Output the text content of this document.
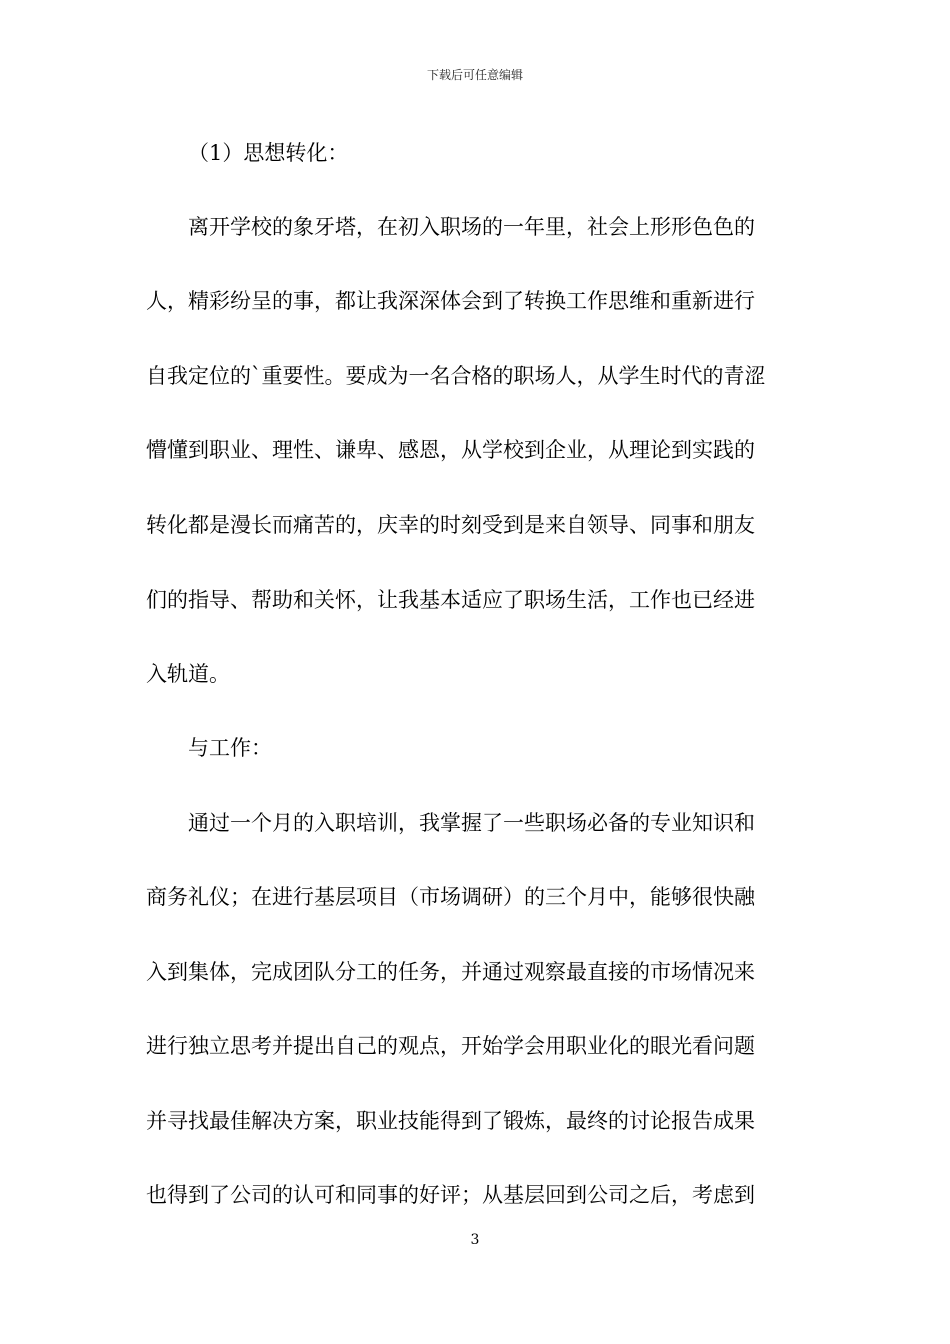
下载后可任意编辑
（1）思想转化：
离开学校的象牙塔，在初入职场的一年里，社会上形形色色的
人，精彩纷呈的事，都让我深深体会到了转换工作思维和重新进行
自我定位的`重要性。要成为一名合格的职场人，从学生时代的青涩
懵懂到职业、理性、谦卑、感恩，从学校到企业，从理论到实践的
转化都是漫长而痛苦的，庆幸的时刻受到是来自领导、同事和朋友
们的指导、帮助和关怀，让我基本适应了职场生活，工作也已经进
入轨道。
与工作：
通过一个月的入职培训，我掌握了一些职场必备的专业知识和
商务礼仪；在进行基层项目（市场调研）的三个月中，能够很快融
入到集体，完成团队分工的任务，并通过观察最直接的市场情况来
进行独立思考并提出自己的观点，开始学会用职业化的眼光看问题
并寻找最佳解决方案，职业技能得到了锻炼，最终的讨论报告成果
也得到了公司的认可和同事的好评；从基层回到公司之后，考虑到
3
